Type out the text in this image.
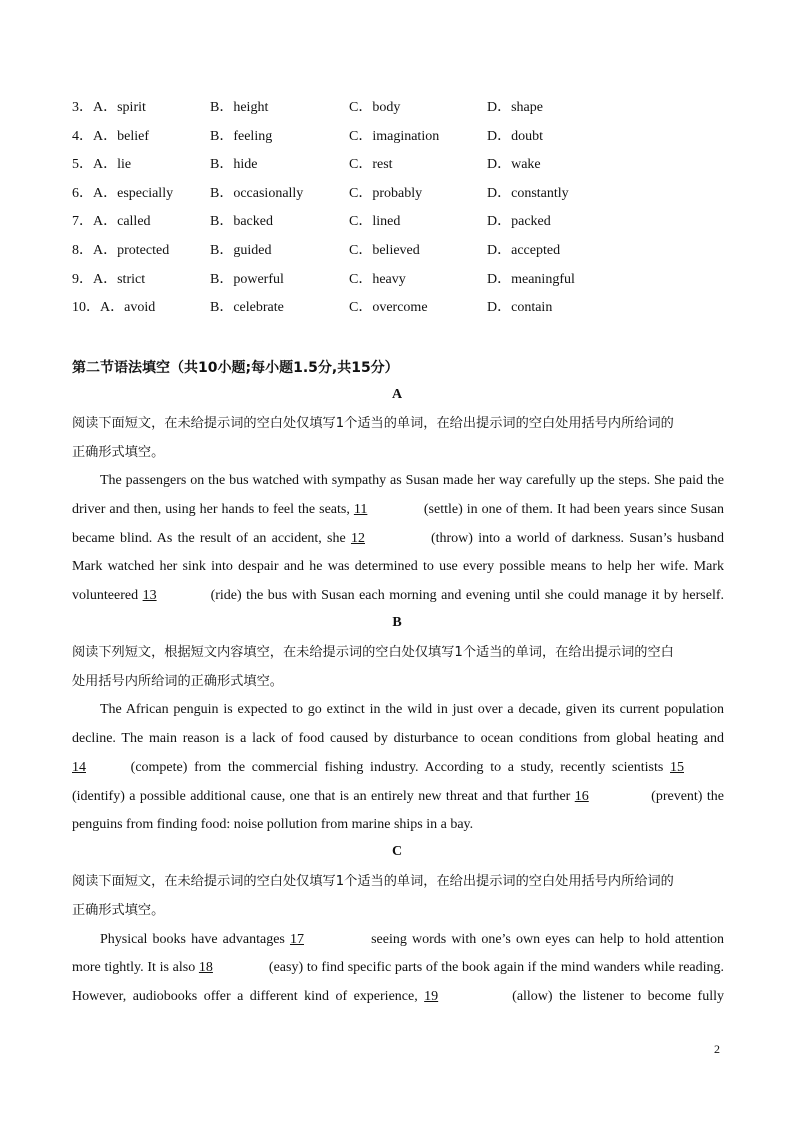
3．A．spirit	B．height	C．body	D．shape
4．A．belief	B．feeling	C．imagination	D．doubt
5．A．lie	B．hide	C．rest	D．wake
6．A．especially	B．occasionally	C．probably	D．constantly
7．A．called	B．backed	C．lined	D．packed
8．A．protected	B．guided	C．believed	D．accepted
9．A．strict	B．powerful	C．heavy	D．meaningful
10．A．avoid	B．celebrate	C．overcome	D．contain
第二节语法填空（共10小题;每小题1.5分,共15分）
A
阅读下面短文，在未给提示词的空白处仅填写1个适当的单词，在给出提示词的空白处用括号内所给词的
正确形式填空。
The passengers on the bus watched with sympathy as Susan made her way carefully up the steps. She paid the
driver and then, using her hands to feel the seats, 11	(settle) in one of them. It had been years since Susan
became blind. As the result of an accident, she 12	(throw) into a world of darkness. Susan’s husband
Mark watched her sink into despair and he was determined to use every possible means to help her wife. Mark
volunteered 13	(ride) the bus with Susan each morning and evening until she could manage it by herself.
B
阅读下列短文，根据短文内容填空，在未给提示词的空白处仅填写1个适当的单词，在给出提示词的空白
处用括号内所给词的正确形式填空。
The African penguin is expected to go extinct in the wild in just over a decade, given its current population
decline. The main reason is a lack of food caused by disturbance to ocean conditions from global heating and
14	(compete) from the commercial fishing industry. According to a study, recently scientists 15
(identify) a possible additional cause, one that is an entirely new threat and that further 16	(prevent) the
penguins from finding food: noise pollution from marine ships in a bay.
C
阅读下面短文，在未给提示词的空白处仅填写1个适当的单词，在给出提示词的空白处用括号内所给词的
正确形式填空。
Physical books have advantages 17	seeing words with one’s own eyes can help to hold attention
more tightly. It is also 18	(easy) to find specific parts of the book again if the mind wanders while reading.
However, audiobooks offer a different kind of experience, 19	(allow) the listener to become fully
2
